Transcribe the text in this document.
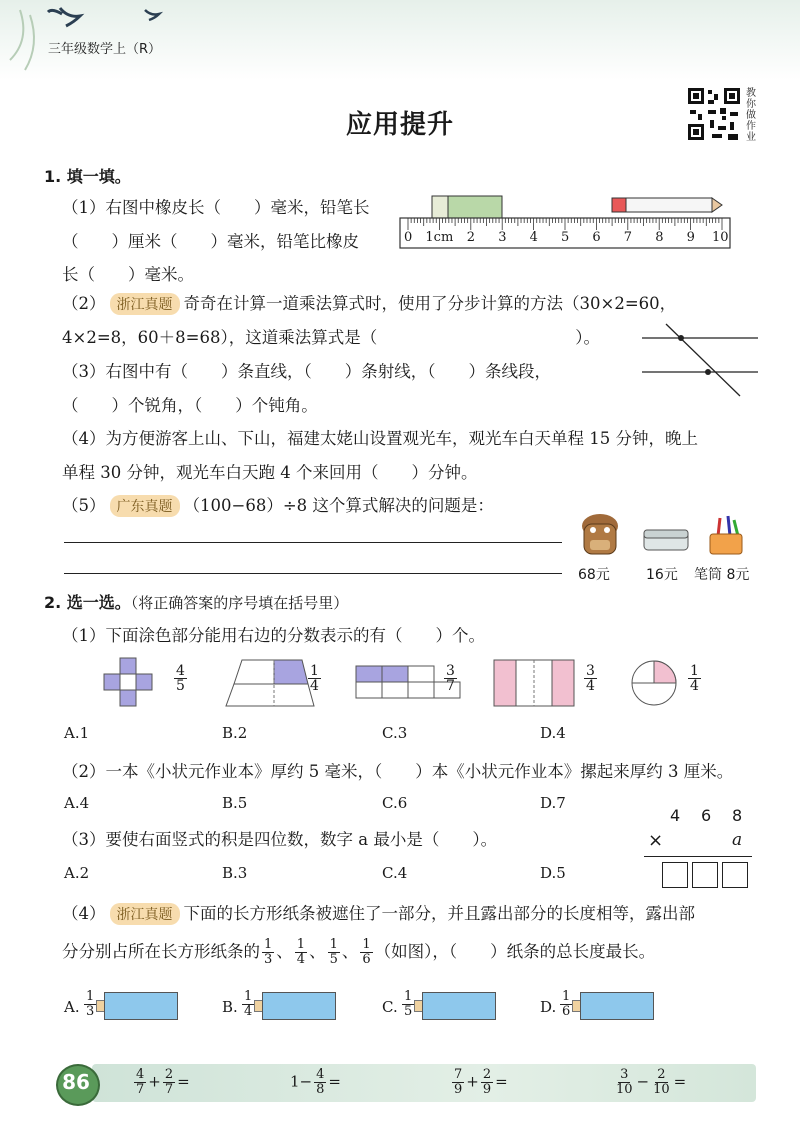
三年级数学上（R）
教你做作业
应用提升
1. 填一填。
（1）右图中橡皮长（　　）毫米，铅笔长
（　　）厘米（　　）毫米，铅笔比橡皮
长（　　）毫米。
0 1cm 2 3 4 5 6 7 8 9 10
（2） 浙江真题 奇奇在计算一道乘法算式时，使用了分步计算的方法（30×2=60，
4×2=8，60＋8=68），这道乘法算式是（　　　　　　　　　　　　）。
（3）右图中有（　　）条直线，（　　）条射线，（　　）条线段，
（　　）个锐角，（　　）个钝角。
（4）为方便游客上山、下山，福建太姥山设置观光车，观光车白天单程 15 分钟，晚上
单程 30 分钟，观光车白天跑 4 个来回用（　　）分钟。
（5） 广东真题 （100−68）÷8 这个算式解决的问题是：
68元	16元 笔筒 8元
2. 选一选。（将正确答案的序号填在括号里）
（1）下面涂色部分能用右边的分数表示的有（　　）个。
$\frac{4}{5}$	$\frac{1}{4}$	$\frac{3}{7}$	$\frac{3}{4}$	$\frac{1}{4}$
A.1	B.2	C.3	D.4
（2）一本《小状元作业本》厚约 5 毫米，（　　）本《小状元作业本》摞起来厚约 3 厘米。
A.4	B.5	C.6	D.7
（3）要使右面竖式的积是四位数，数字 a 最小是（　　）。
A.2	B.3	C.4	D.5
4 6 8
×	a
（4） 浙江真题 下面的长方形纸条被遮住了一部分，并且露出部分的长度相等，露出部
分分别占所在长方形纸条的 $\frac{1}{3}$ 、 $\frac{1}{4}$ 、 $\frac{1}{5}$ 、 $\frac{1}{6}$ （如图），（　　）纸条的总长度最长。
A. $\frac{1}{3}$	B. $\frac{1}{4}$	C. $\frac{1}{5}$	D. $\frac{1}{6}$
86	$\frac{4}{7} + \frac{2}{7}$ =	$1- \frac{4}{8}$ =	$\frac{7}{9} + \frac{2}{9}$ =	$\frac{3}{10} - \frac{2}{10}$ =
